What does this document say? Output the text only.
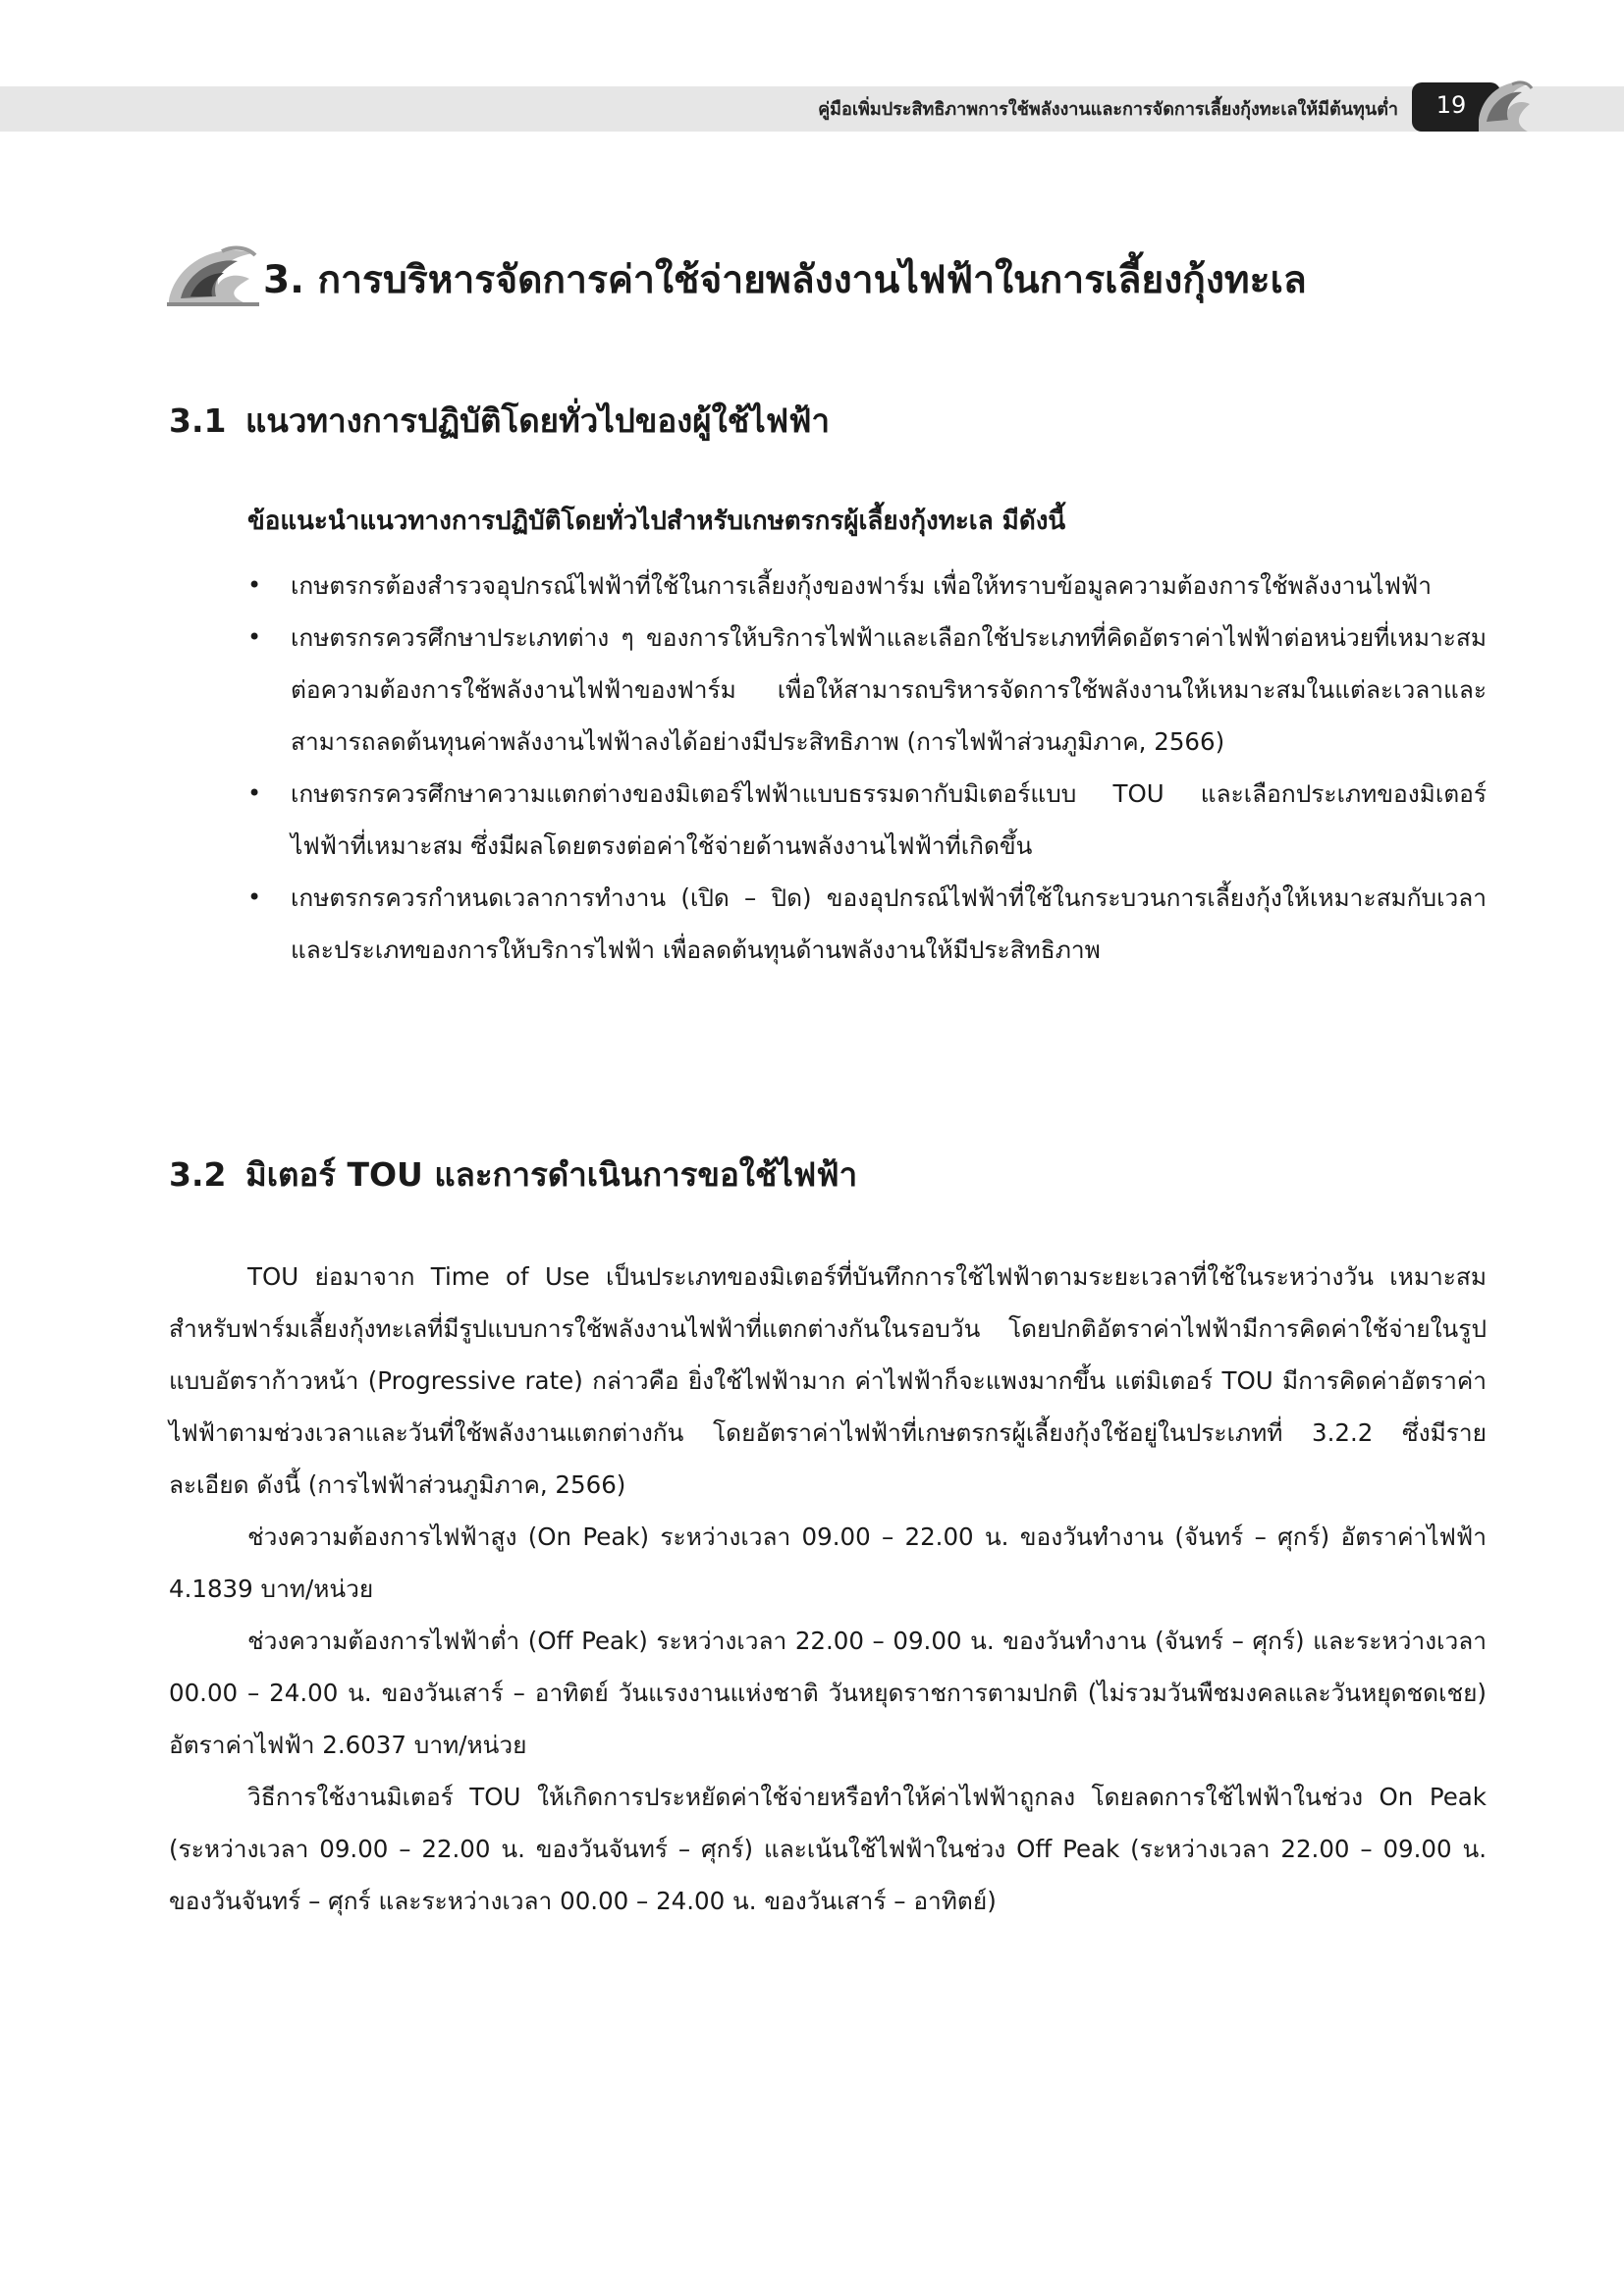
คู่มือเพิ่มประสิทธิภาพการใช้พลังงานและการจัดการเลี้ยงกุ้งทะเลให้มีต้นทุนต่ำ	19
3. การบริหารจัดการค่าใช้จ่ายพลังงานไฟฟ้าในการเลี้ยงกุ้งทะเล
3.1 แนวทางการปฏิบัติโดยทั่วไปของผู้ใช้ไฟฟ้า
ข้อแนะนำแนวทางการปฏิบัติโดยทั่วไปสำหรับเกษตรกรผู้เลี้ยงกุ้งทะเล มีดังนี้
• เกษตรกรต้องสำรวจอุปกรณ์ไฟฟ้าที่ใช้ในการเลี้ยงกุ้งของฟาร์ม เพื่อให้ทราบข้อมูลความต้องการใช้พลังงานไฟฟ้า
• เกษตรกรควรศึกษาประเภทต่าง ๆ ของการให้บริการไฟฟ้าและเลือกใช้ประเภทที่คิดอัตราค่าไฟฟ้าต่อหน่วยที่เหมาะสมต่อความต้องการใช้พลังงานไฟฟ้าของฟาร์ม เพื่อให้สามารถบริหารจัดการใช้พลังงานให้เหมาะสมในแต่ละเวลาและสามารถลดต้นทุนค่าพลังงานไฟฟ้าลงได้อย่างมีประสิทธิภาพ (การไฟฟ้าส่วนภูมิภาค, 2566)
• เกษตรกรควรศึกษาความแตกต่างของมิเตอร์ไฟฟ้าแบบธรรมดากับมิเตอร์แบบ TOU และเลือกประเภทของมิเตอร์ไฟฟ้าที่เหมาะสม ซึ่งมีผลโดยตรงต่อค่าใช้จ่ายด้านพลังงานไฟฟ้าที่เกิดขึ้น
• เกษตรกรควรกำหนดเวลาการทำงาน (เปิด – ปิด) ของอุปกรณ์ไฟฟ้าที่ใช้ในกระบวนการเลี้ยงกุ้งให้เหมาะสมกับเวลาและประเภทของการให้บริการไฟฟ้า เพื่อลดต้นทุนด้านพลังงานให้มีประสิทธิภาพ
3.2 มิเตอร์ TOU และการดำเนินการขอใช้ไฟฟ้า

TOU ย่อมาจาก Time of Use เป็นประเภทของมิเตอร์ที่บันทึกการใช้ไฟฟ้าตามระยะเวลาที่ใช้ในระหว่างวัน เหมาะสมสำหรับฟาร์มเลี้ยงกุ้งทะเลที่มีรูปแบบการใช้พลังงานไฟฟ้าที่แตกต่างกันในรอบวัน โดยปกติอัตราค่าไฟฟ้ามีการคิดค่าใช้จ่ายในรูปแบบอัตราก้าวหน้า (Progressive rate) กล่าวคือ ยิ่งใช้ไฟฟ้ามาก ค่าไฟฟ้าก็จะแพงมากขึ้น แต่มิเตอร์ TOU มีการคิดค่าอัตราค่าไฟฟ้าตามช่วงเวลาและวันที่ใช้พลังงานแตกต่างกัน โดยอัตราค่าไฟฟ้าที่เกษตรกรผู้เลี้ยงกุ้งใช้อยู่ในประเภทที่ 3.2.2 ซึ่งมีรายละเอียด ดังนี้ (การไฟฟ้าส่วนภูมิภาค, 2566)

ช่วงความต้องการไฟฟ้าสูง (On Peak) ระหว่างเวลา 09.00 – 22.00 น. ของวันทำงาน (จันทร์ – ศุกร์) อัตราค่าไฟฟ้า 4.1839 บาท/หน่วย

ช่วงความต้องการไฟฟ้าต่ำ (Off Peak) ระหว่างเวลา 22.00 – 09.00 น. ของวันทำงาน (จันทร์ – ศุกร์) และระหว่างเวลา 00.00 – 24.00 น. ของวันเสาร์ – อาทิตย์ วันแรงงานแห่งชาติ วันหยุดราชการตามปกติ (ไม่รวมวันพืชมงคลและวันหยุดชดเชย) อัตราค่าไฟฟ้า 2.6037 บาท/หน่วย

วิธีการใช้งานมิเตอร์ TOU ให้เกิดการประหยัดค่าใช้จ่ายหรือทำให้ค่าไฟฟ้าถูกลง โดยลดการใช้ไฟฟ้าในช่วง On Peak (ระหว่างเวลา 09.00 – 22.00 น. ของวันจันทร์ – ศุกร์) และเน้นใช้ไฟฟ้าในช่วง Off Peak (ระหว่างเวลา 22.00 – 09.00 น. ของวันจันทร์ – ศุกร์ และระหว่างเวลา 00.00 – 24.00 น. ของวันเสาร์ – อาทิตย์)
